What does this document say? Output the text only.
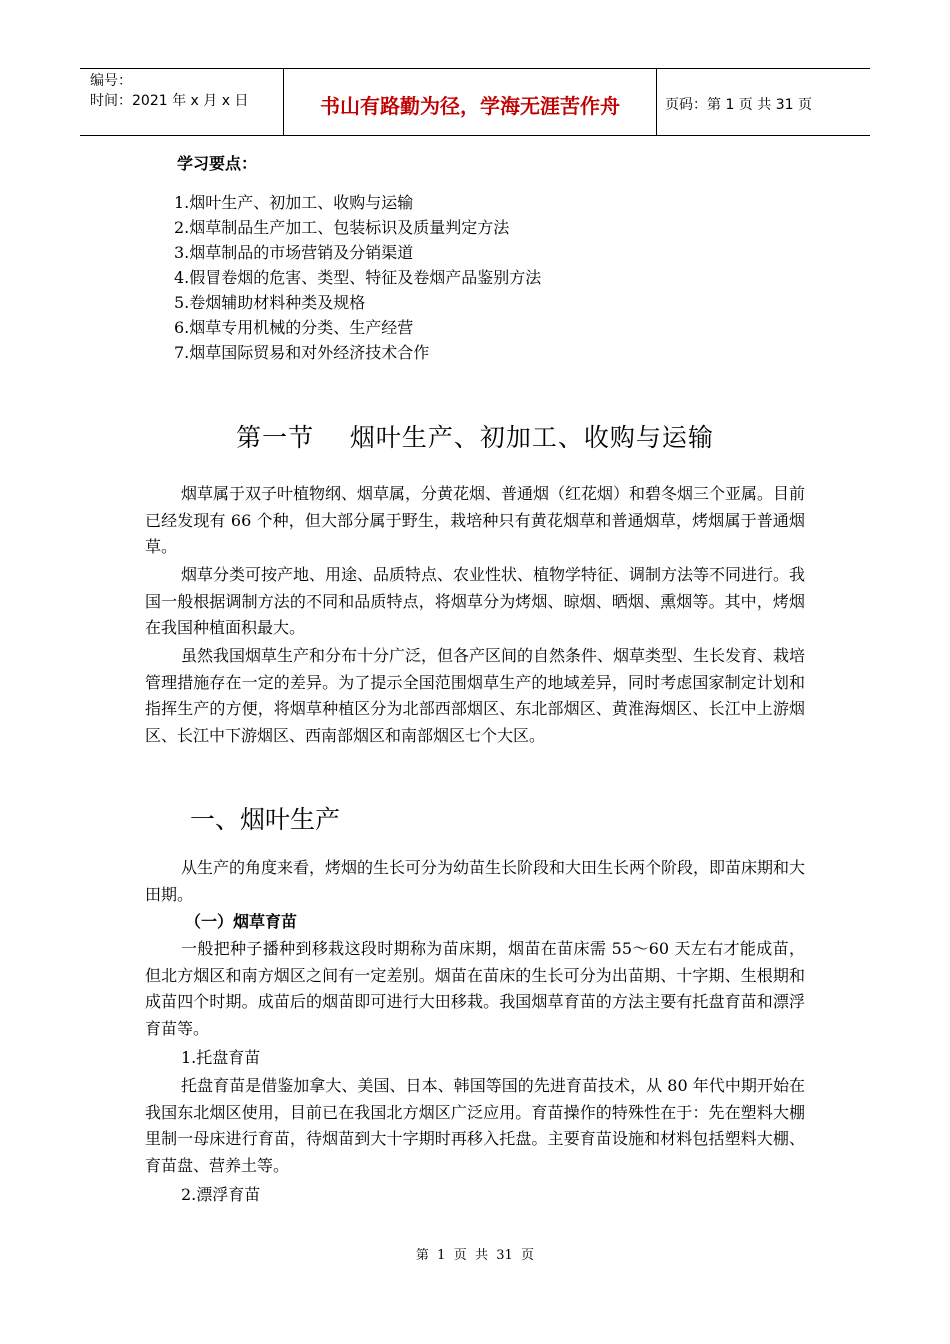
编号：
时间：2021 年 x 月 x 日	书山有路勤为径，学海无涯苦作舟	页码：第 1 页 共 31 页
学习要点：
1.烟叶生产、初加工、收购与运输
2.烟草制品生产加工、包装标识及质量判定方法
3.烟草制品的市场营销及分销渠道
4.假冒卷烟的危害、类型、特征及卷烟产品鉴别方法
5.卷烟辅助材料种类及规格
6.烟草专用机械的分类、生产经营
7.烟草国际贸易和对外经济技术合作
第一节    烟叶生产、初加工、收购与运输

烟草属于双子叶植物纲、烟草属，分黄花烟、普通烟（红花烟）和碧冬烟三个亚属。目前已经发现有 66 个种，但大部分属于野生，栽培种只有黄花烟草和普通烟草，烤烟属于普通烟草。

烟草分类可按产地、用途、品质特点、农业性状、植物学特征、调制方法等不同进行。我国一般根据调制方法的不同和品质特点，将烟草分为烤烟、晾烟、晒烟、熏烟等。其中，烤烟在我国种植面积最大。

虽然我国烟草生产和分布十分广泛，但各产区间的自然条件、烟草类型、生长发育、栽培管理措施存在一定的差异。为了提示全国范围烟草生产的地域差异，同时考虑国家制定计划和指挥生产的方便，将烟草种植区分为北部西部烟区、东北部烟区、黄淮海烟区、长江中上游烟区、长江中下游烟区、西南部烟区和南部烟区七个大区。

一、烟叶生产

从生产的角度来看，烤烟的生长可分为幼苗生长阶段和大田生长两个阶段，即苗床期和大田期。

（一）烟草育苗

一般把种子播种到移栽这段时期称为苗床期，烟苗在苗床需 55～60 天左右才能成苗，但北方烟区和南方烟区之间有一定差别。烟苗在苗床的生长可分为出苗期、十字期、生根期和成苗四个时期。成苗后的烟苗即可进行大田移栽。我国烟草育苗的方法主要有托盘育苗和漂浮育苗等。

1.托盘育苗

托盘育苗是借鉴加拿大、美国、日本、韩国等国的先进育苗技术，从 80 年代中期开始在我国东北烟区使用，目前已在我国北方烟区广泛应用。育苗操作的特殊性在于：先在塑料大棚里制一母床进行育苗，待烟苗到大十字期时再移入托盘。主要育苗设施和材料包括塑料大棚、育苗盘、营养土等。

2.漂浮育苗
第  1  页  共  31  页
